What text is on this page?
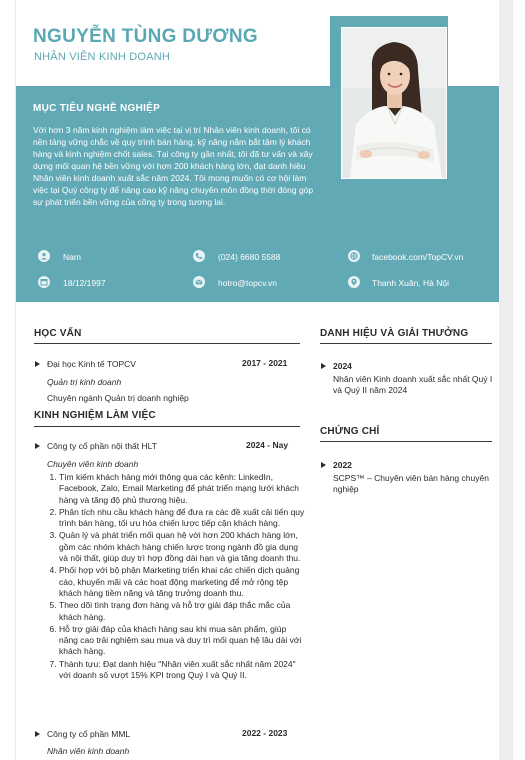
NGUYỄN TÙNG DƯƠNG
NHÂN VIÊN KINH DOANH
MỤC TIÊU NGHỀ NGHIỆP
Với hơn 3 năm kinh nghiệm làm việc tại vị trí Nhân viên kinh doanh, tôi có nền tảng vững chắc về quy trình bán hàng, kỹ năng nắm bắt tâm lý khách hàng và kinh nghiệm chốt sales. Tại công ty gần nhất, tôi đã tư vấn và xây dựng mối quan hệ bền vững với hơn 200 khách hàng lớn, đạt danh hiệu Nhân viên kinh doanh xuất sắc năm 2024. Tôi mong muốn có cơ hội làm việc tại Quý công ty để nâng cao kỹ năng chuyên môn đồng thời đóng góp sự phát triển bền vững của công ty trong tương lai.
Nam	(024) 6680 5588	facebook.com/TopCV.vn
18/12/1997	hotro@topcv.vn	Thanh Xuân, Hà Nội
HỌC VẤN
Đại học Kinh tế TOPCV	2017 - 2021
Quản trị kinh doanh
Chuyên ngành Quản trị doanh nghiệp
KINH NGHIỆM LÀM VIỆC
Công ty cổ phần nội thất HLT	2024 - Nay
Chuyên viên kinh doanh
1. Tìm kiếm khách hàng mới thông qua các kênh: LinkedIn, Facebook, Zalo, Email Marketing để phát triển mạng lưới khách hàng và tăng độ phủ thương hiệu.
2. Phân tích nhu cầu khách hàng để đưa ra các đề xuất cải tiến quy trình bán hàng, tối ưu hóa chiến lược tiếp cận khách hàng.
3. Quản lý và phát triển mối quan hệ với hơn 200 khách hàng lớn, gồm các nhóm khách hàng chiến lược trong ngành đồ gia dụng và nội thất, giúp duy trì hợp đồng dài hạn và gia tăng doanh thu.
4. Phối hợp với bộ phận Marketing triển khai các chiến dịch quảng cáo, khuyến mãi và các hoạt động marketing để mở rộng tệp khách hàng tiềm năng và tăng trưởng doanh thu.
5. Theo dõi tình trạng đơn hàng và hỗ trợ giải đáp thắc mắc của khách hàng.
6. Hỗ trợ giải đáp của khách hàng sau khi mua sản phẩm, giúp nâng cao trải nghiệm sau mua và duy trì mối quan hệ lâu dài với khách hàng.
7. Thành tựu: Đạt danh hiệu "Nhân viên xuất sắc nhất năm 2024" với doanh số vượt 15% KPI trong Quý I và Quý II.
Công ty cổ phần MML	2022 - 2023
Nhân viên kinh doanh
DANH HIỆU VÀ GIẢI THƯỞNG
2024
Nhân viên Kinh doanh xuất sắc nhất Quý I và Quý II năm 2024
CHỨNG CHỈ
2022
SCPS™ – Chuyên viên bán hàng chuyên nghiệp
